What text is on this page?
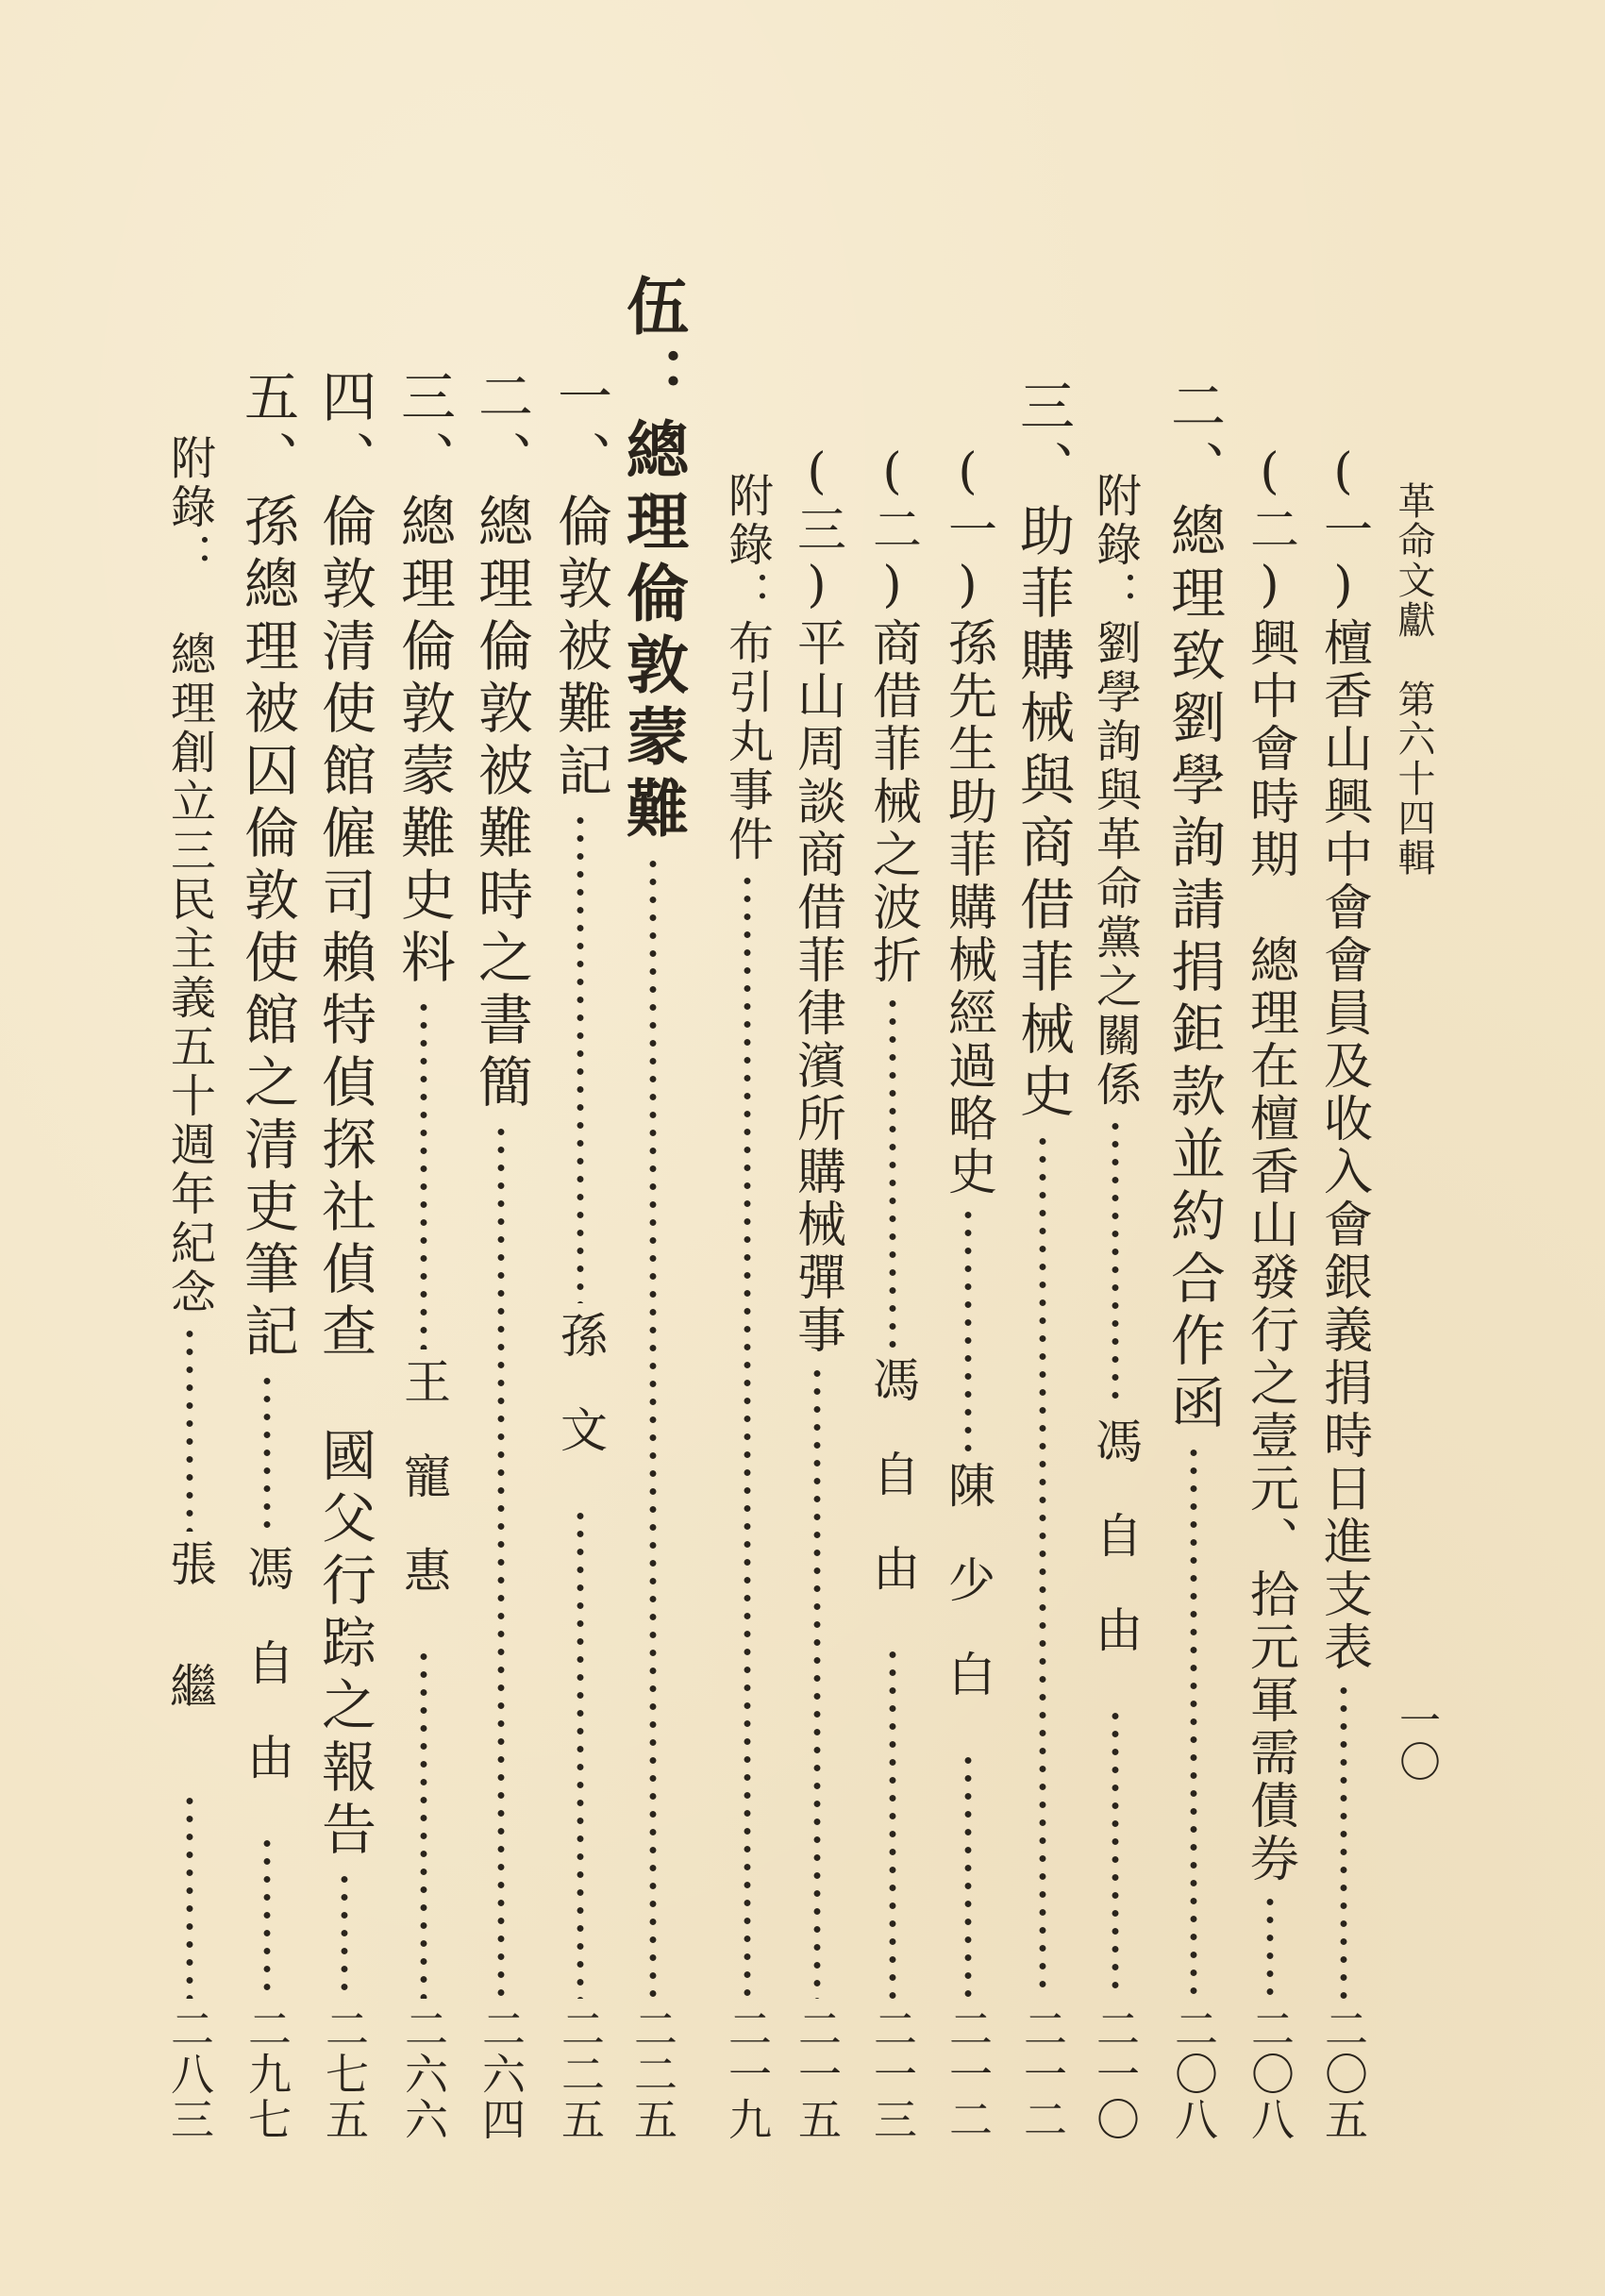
革命文獻　第六十四輯
一〇
(一)檀香山興中會會員及收入會銀義捐時日進支表
二〇五
(二)興中會時期　總理在檀香山發行之壹元、拾元軍需債券
二〇八
二、總理致劉學詢請捐鉅款並約合作函
二〇八
附錄：劉學詢與革命黨之關係
馮自由
二一〇
三、助菲購械與商借菲械史
二一二
(一)孫先生助菲購械經過略史
陳少白
二一二
(二)商借菲械之波折
馮自由
二一三
(三)平山周談商借菲律濱所購械彈事
二一五
附錄：布引丸事件
二一九
伍：總理倫敦蒙難
二二五
一、倫敦被難記
孫文
二二五
二、總理倫敦被難時之書簡
二六四
三、總理倫敦蒙難史料
王寵惠
二六六
四、倫敦清使館僱司賴特偵探社偵查　國父行踪之報告
二七五
五、孫總理被囚倫敦使館之清吏筆記
馮自由
二九七
附錄：　總理創立三民主義五十週年紀念
張繼
二八三
